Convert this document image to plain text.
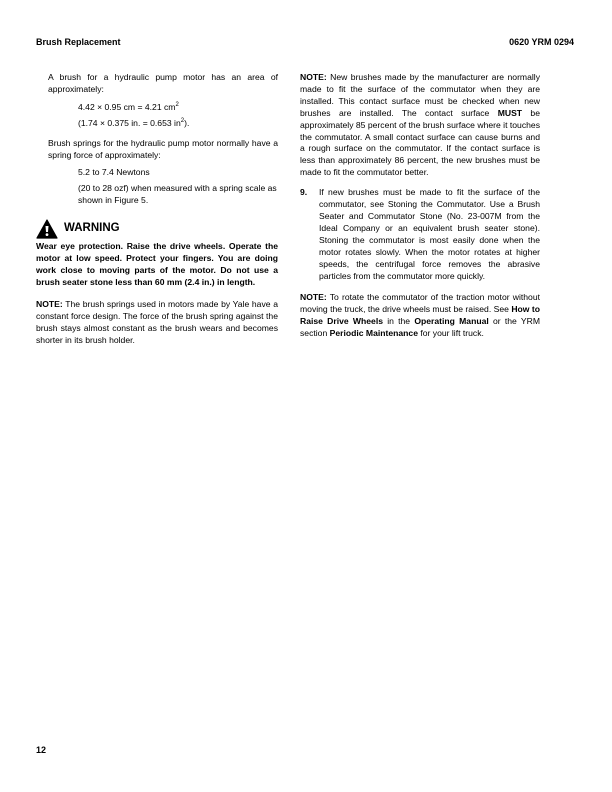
Brush Replacement	0620 YRM 0294

A brush for a hydraulic pump motor has an area of approximately:

4.42 × 0.95 cm = 4.21 $cm^2$

(1.74 × 0.375 in. = 0.653 $in^2$).

Brush springs for the hydraulic pump motor normally have a spring force of approximately:

5.2 to 7.4 Newtons

(20 to 28 ozf) when measured with a spring scale as shown in Figure 5.

WARNING

Wear eye protection. Raise the drive wheels. Operate the motor at low speed. Protect your fingers. You are doing work close to moving parts of the motor. Do not use a brush seater stone less than 60 mm (2.4 in.) in length.

NOTE: The brush springs used in motors made by Yale have a constant force design. The force of the brush spring against the brush stays almost constant as the brush wears and becomes shorter in its brush holder.

NOTE: New brushes made by the manufacturer are normally made to fit the surface of the commutator when they are installed. This contact surface must be checked when new brushes are installed. The contact surface MUST be approximately 85 percent of the brush surface where it touches the commutator. A small contact surface can cause burns and a rough surface on the commutator. If the contact surface is less than approximately 86 percent, the new brushes must be made to fit the commutator better.

9.	If new brushes must be made to fit the surface of the commutator, see Stoning the Commutator. Use a Brush Seater and Commutator Stone (No. 23-007M from the Ideal Company or an equivalent brush seater stone). Stoning the commutator is most easily done when the motor rotates slowly. When the motor rotates at higher speeds, the centrifugal force removes the abrasive particles from the commutator more quickly.

NOTE: To rotate the commutator of the traction motor without moving the truck, the drive wheels must be raised. See How to Raise Drive Wheels in the Operating Manual or the YRM section Periodic Maintenance for your lift truck.

12
